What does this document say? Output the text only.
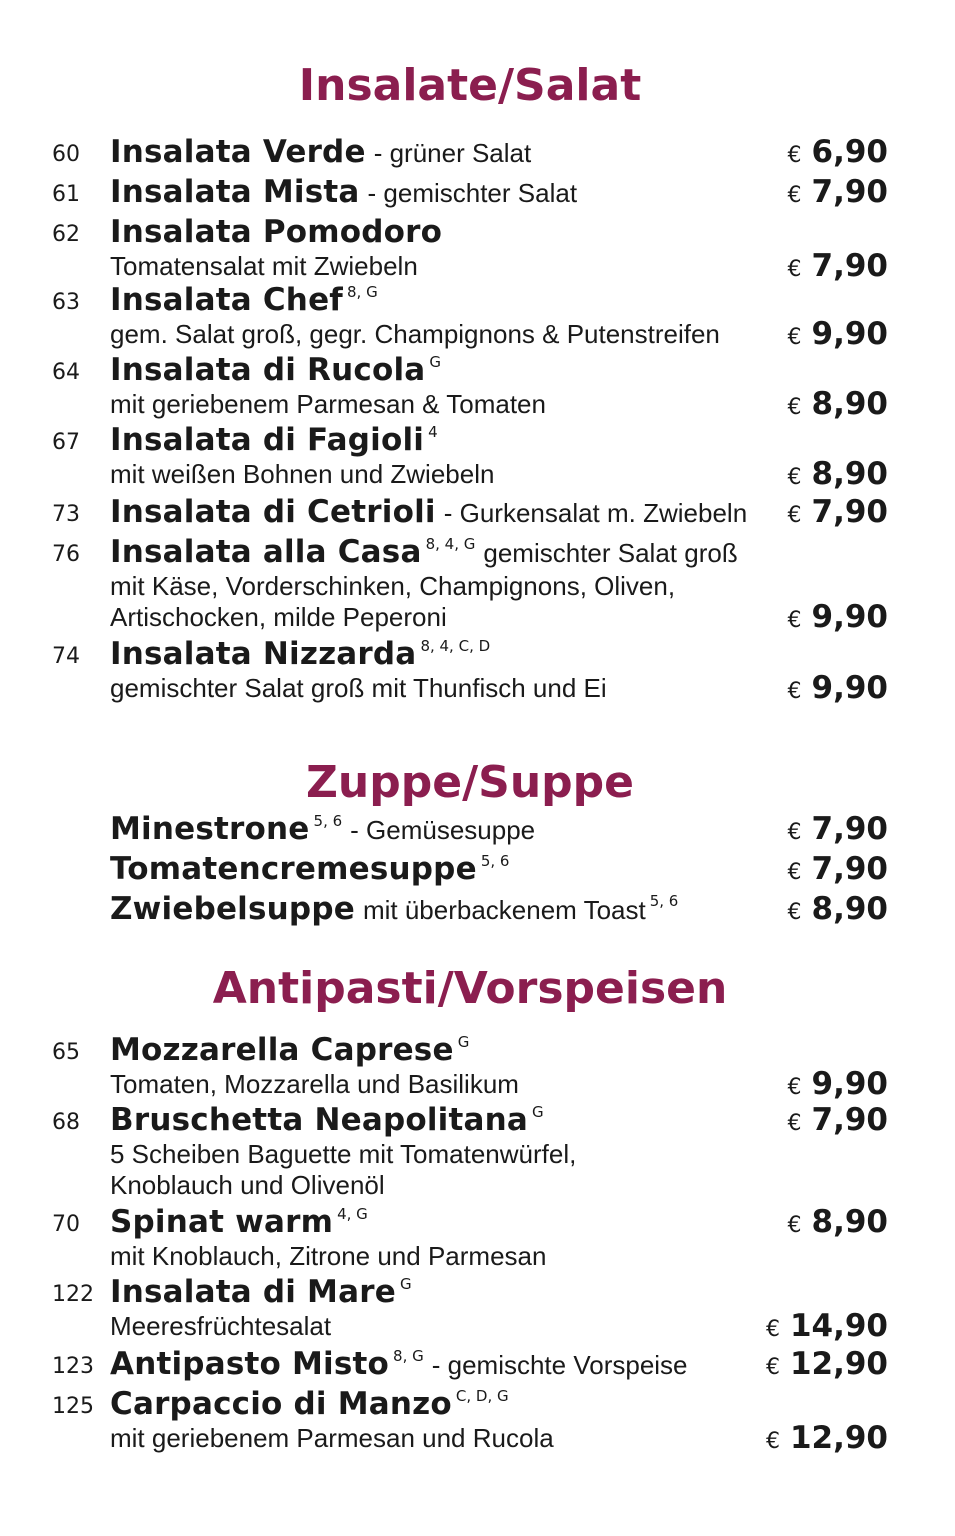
Insalate/Salat
60 Insalata Verde - grüner Salat	€ 6,90
61 Insalata Mista - gemischter Salat	€ 7,90
62 Insalata Pomodoro
Tomatensalat mit Zwiebeln	€ 7,90
63 Insalata Chef 8, G
gem. Salat groß, gegr. Champignons & Putenstreifen	€ 9,90
64 Insalata di Rucola G
mit geriebenem Parmesan & Tomaten	€ 8,90
67 Insalata di Fagioli 4
mit weißen Bohnen und Zwiebeln	€ 8,90
73 Insalata di Cetrioli - Gurkensalat m. Zwiebeln € 7,90
76 Insalata alla Casa 8, 4, G gemischter Salat groß
mit Käse, Vorderschinken, Champignons, Oliven,
Artischocken, milde Peperoni	€ 9,90
74 Insalata Nizzarda 8, 4, C, D
gemischter Salat groß mit Thunfisch und Ei	€ 9,90
Zuppe/Suppe
Minestrone 5, 6 - Gemüsesuppe	€ 7,90
Tomatencremesuppe 5, 6	€ 7,90
Zwiebelsuppe mit überbackenem Toast 5, 6	€ 8,90
Antipasti/Vorspeisen
65 Mozzarella Caprese G
Tomaten, Mozzarella und Basilikum	€ 9,90
68 Bruschetta Neapolitana G
5 Scheiben Baguette mit Tomatenwürfel,
Knoblauch und Olivenöl
€ 7,90
70 Spinat warm 4, G
mit Knoblauch, Zitrone und Parmesan
€ 8,90
122 Insalata di Mare G
Meeresfrüchtesalat	€ 14,90
123 Antipasto Misto 8, G - gemischte Vorspeise	€ 12,90
125 Carpaccio di Manzo C, D, G
mit geriebenem Parmesan und Rucola	€ 12,90
